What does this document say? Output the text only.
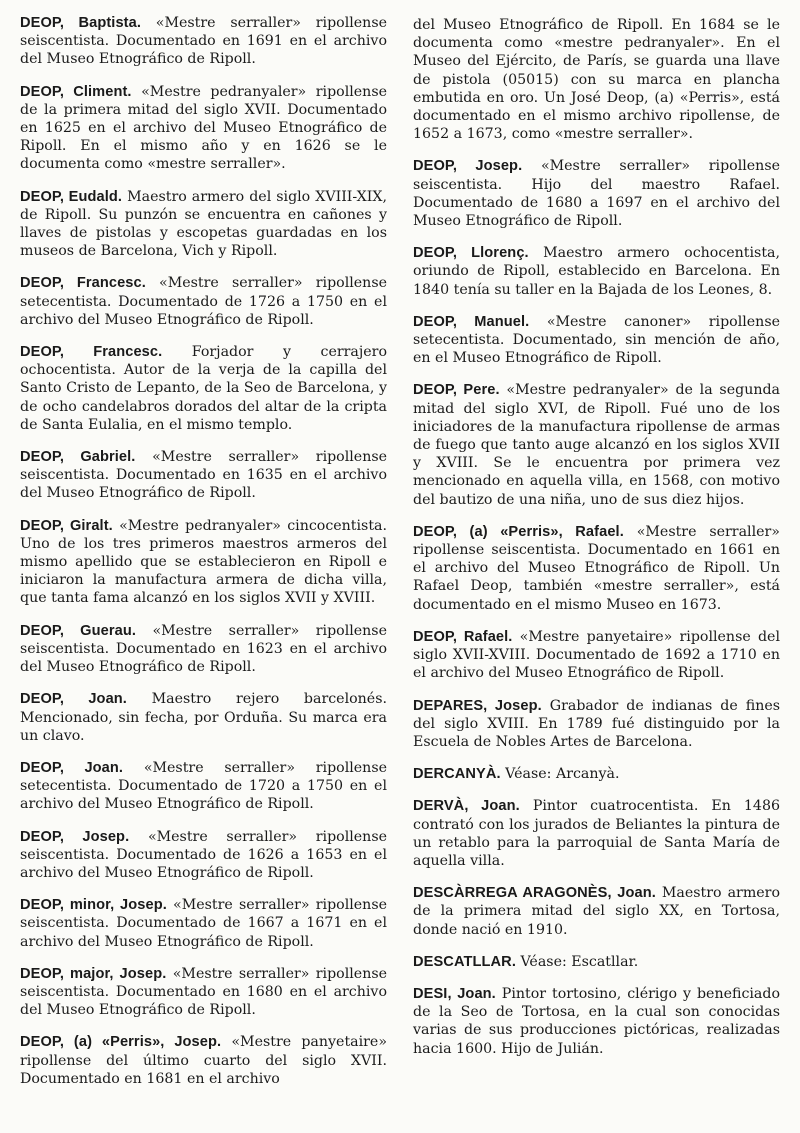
DEOP, Baptista. «Mestre serraller» ripollense seiscentista. Documentado en 1691 en el archivo del Museo Etnográfico de Ripoll.

DEOP, Climent. «Mestre pedranyaler» ripollense de la primera mitad del siglo XVII. Documentado en 1625 en el archivo del Museo Etnográfico de Ripoll. En el mismo año y en 1626 se le documenta como «mestre serraller».

DEOP, Eudald. Maestro armero del siglo XVIII-XIX, de Ripoll. Su punzón se encuentra en cañones y llaves de pistolas y escopetas guardadas en los museos de Barcelona, Vich y Ripoll.

DEOP, Francesc. «Mestre serraller» ripollense setecentista. Documentado de 1726 a 1750 en el archivo del Museo Etnográfico de Ripoll.

DEOP, Francesc. Forjador y cerrajero ochocentista. Autor de la verja de la capilla del Santo Cristo de Lepanto, de la Seo de Barcelona, y de ocho candelabros dorados del altar de la cripta de Santa Eulalia, en el mismo templo.

DEOP, Gabriel. «Mestre serraller» ripollense seiscentista. Documentado en 1635 en el archivo del Museo Etnográfico de Ripoll.

DEOP, Giralt. «Mestre pedranyaler» cincocentista. Uno de los tres primeros maestros armeros del mismo apellido que se establecieron en Ripoll e iniciaron la manufactura armera de dicha villa, que tanta fama alcanzó en los siglos XVII y XVIII.

DEOP, Guerau. «Mestre serraller» ripollense seiscentista. Documentado en 1623 en el archivo del Museo Etnográfico de Ripoll.

DEOP, Joan. Maestro rejero barcelonés. Mencionado, sin fecha, por Orduña. Su marca era un clavo.

DEOP, Joan. «Mestre serraller» ripollense setecentista. Documentado de 1720 a 1750 en el archivo del Museo Etnográfico de Ripoll.

DEOP, Josep. «Mestre serraller» ripollense seiscentista. Documentado de 1626 a 1653 en el archivo del Museo Etnográfico de Ripoll.

DEOP, minor, Josep. «Mestre serraller» ripollense seiscentista. Documentado de 1667 a 1671 en el archivo del Museo Etnográfico de Ripoll.

DEOP, major, Josep. «Mestre serraller» ripollense seiscentista. Documentado en 1680 en el archivo del Museo Etnográfico de Ripoll.

DEOP, (a) «Perris», Josep. «Mestre panyetaire» ripollense del último cuarto del siglo XVII. Documentado en 1681 en el archivo

del Museo Etnográfico de Ripoll. En 1684 se le documenta como «mestre pedranyaler». En el Museo del Ejército, de París, se guarda una llave de pistola (05015) con su marca en plancha embutida en oro. Un José Deop, (a) «Perris», está documentado en el mismo archivo ripollense, de 1652 a 1673, como «mestre serraller».

DEOP, Josep. «Mestre serraller» ripollense seiscentista. Hijo del maestro Rafael. Documentado de 1680 a 1697 en el archivo del Museo Etnográfico de Ripoll.

DEOP, Llorenç. Maestro armero ochocentista, oriundo de Ripoll, establecido en Barcelona. En 1840 tenía su taller en la Bajada de los Leones, 8.

DEOP, Manuel. «Mestre canoner» ripollense setecentista. Documentado, sin mención de año, en el Museo Etnográfico de Ripoll.

DEOP, Pere. «Mestre pedranyaler» de la segunda mitad del siglo XVI, de Ripoll. Fué uno de los iniciadores de la manufactura ripollense de armas de fuego que tanto auge alcanzó en los siglos XVII y XVIII. Se le encuentra por primera vez mencionado en aquella villa, en 1568, con motivo del bautizo de una niña, uno de sus diez hijos.

DEOP, (a) «Perris», Rafael. «Mestre serraller» ripollense seiscentista. Documentado en 1661 en el archivo del Museo Etnográfico de Ripoll. Un Rafael Deop, también «mestre serraller», está documentado en el mismo Museo en 1673.

DEOP, Rafael. «Mestre panyetaire» ripollense del siglo XVII-XVIII. Documentado de 1692 a 1710 en el archivo del Museo Etnográfico de Ripoll.

DEPARES, Josep. Grabador de indianas de fines del siglo XVIII. En 1789 fué distinguido por la Escuela de Nobles Artes de Barcelona.

DERCANYÀ. Véase: Arcanyà.

DERVÀ, Joan. Pintor cuatrocentista. En 1486 contrató con los jurados de Beliantes la pintura de un retablo para la parroquial de Santa María de aquella villa.

DESCÀRREGA ARAGONÈS, Joan. Maestro armero de la primera mitad del siglo XX, en Tortosa, donde nació en 1910.

DESCATLLAR. Véase: Escatllar.

DESI, Joan. Pintor tortosino, clérigo y beneficiado de la Seo de Tortosa, en la cual son conocidas varias de sus producciones pictóricas, realizadas hacia 1600. Hijo de Julián.
